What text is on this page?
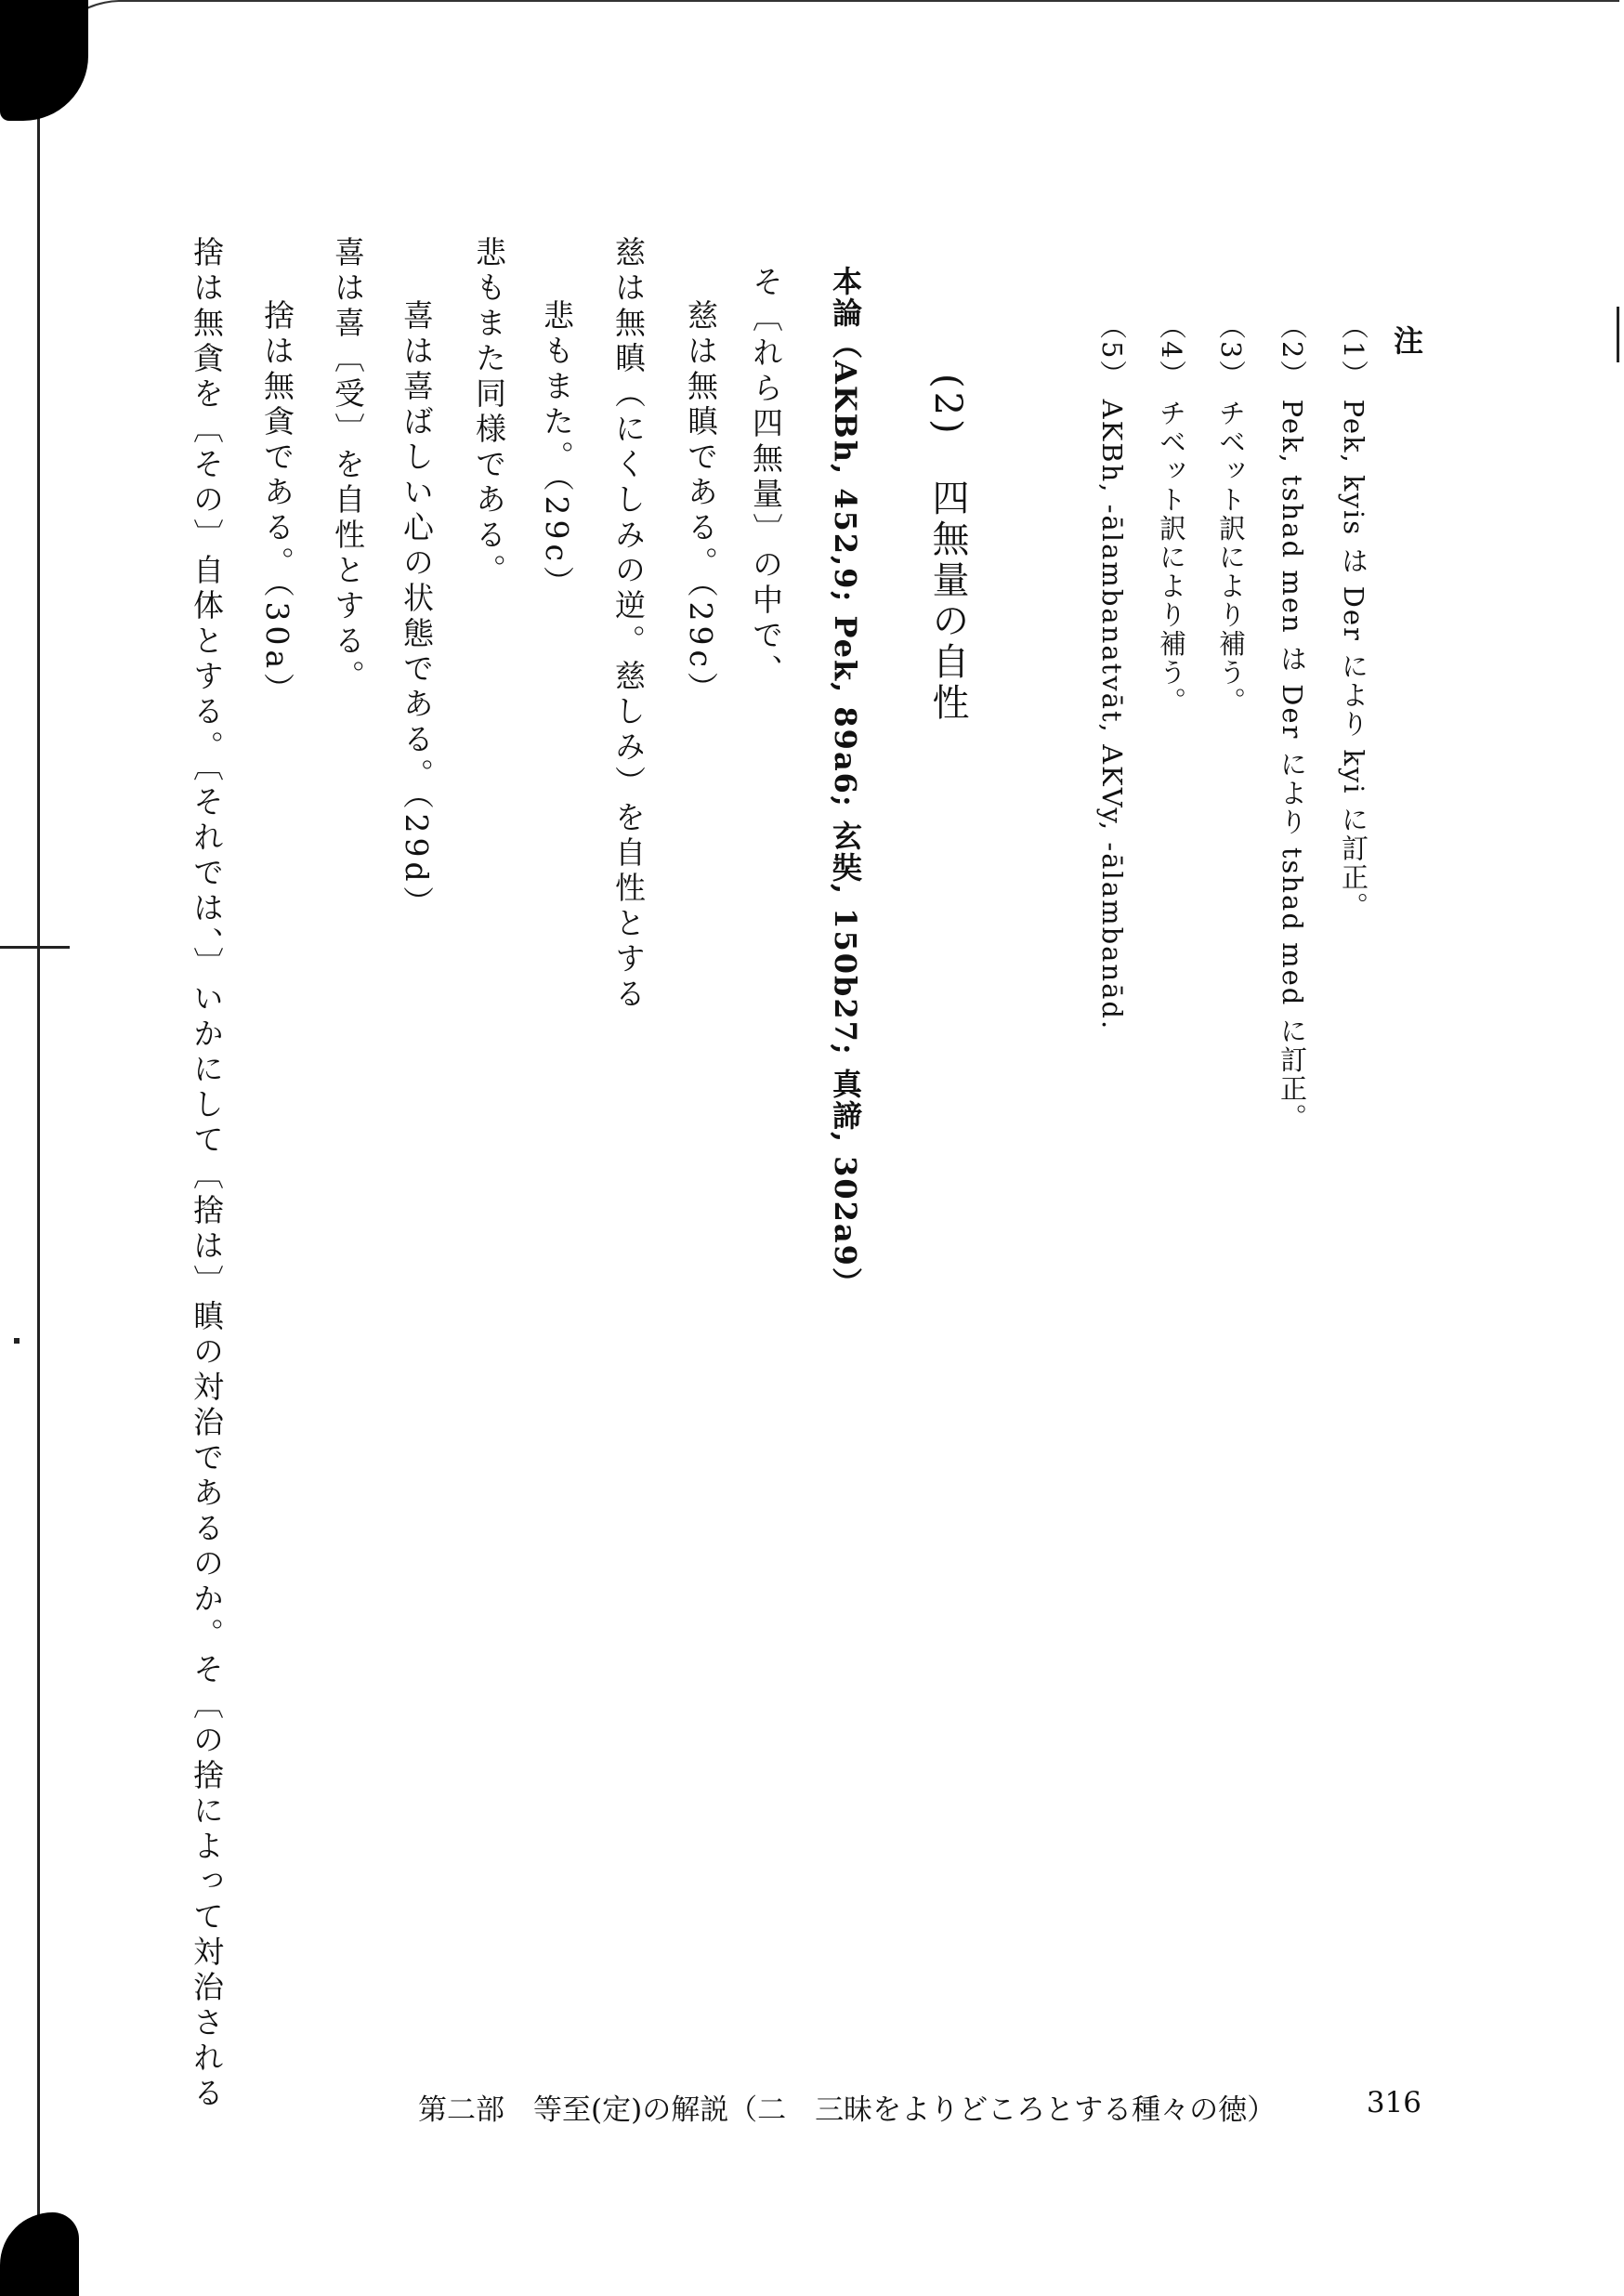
注
（1） Pek, kyis は Der により kyi に訂正。
（2） Pek, tshad men は Der により tshad med に訂正。
（3） チベット訳により補う。
（4） チベット訳により補う。
（5） AKBh, -ālambanatvāt, AKVy, -ālambanād.
(2)　四無量の自性
本論（AKBh, 452,9; Pek, 89a6; 玄奘, 150b27; 真諦, 302a9）
そ〔れら四無量〕の中で、
慈は無瞋である。（29c）
慈は無瞋（にくしみの逆。慈しみ）を自性とする
悲もまた。（29c）
悲もまた同様である。
喜は喜ばしい心の状態である。（29d）
喜は喜〔受〕を自性とする。
捨は無貪である。（30a）
捨は無貪を〔その〕自体とする。〔それでは、〕いかにして〔捨は〕瞋の対治であるのか。そ〔の捨によって対治される	第二部　等至(定)の解説（二　三昧をよりどころとする種々の徳）	316
